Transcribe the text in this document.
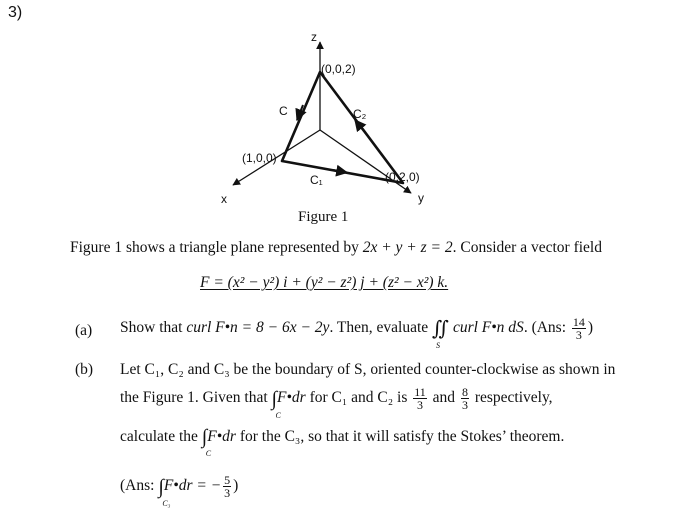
3)
z
y
x
(0,0,2)
(1,0,0)
(0,2,0)
C₁
C₂
C
Figure 1
Figure 1 shows a triangle plane represented by 2x + y + z = 2. Consider a vector field
F = (x² − y²) i + (y² − z²) j + (z² − x²) k.
(a) Show that curl F•n = 8 − 6x − 2y. Then, evaluate ∬
S
curl F•n dS. (Ans: $\frac{14}{3}$ )
(b) Let C₁, C₂ and C₃ be the boundary of S, oriented counter-clockwise as shown in
the Figure 1. Given that ∫
C
F•dr for C₁ and C₂ is $\frac{11}{3}$ and $\frac{8}{3}$ respectively,
calculate the ∫
C
F•dr for the C₃, so that it will satisfy the Stokes’ theorem.
(Ans: ∫
C₃
F•dr = − $\frac{5}{3}$ )
